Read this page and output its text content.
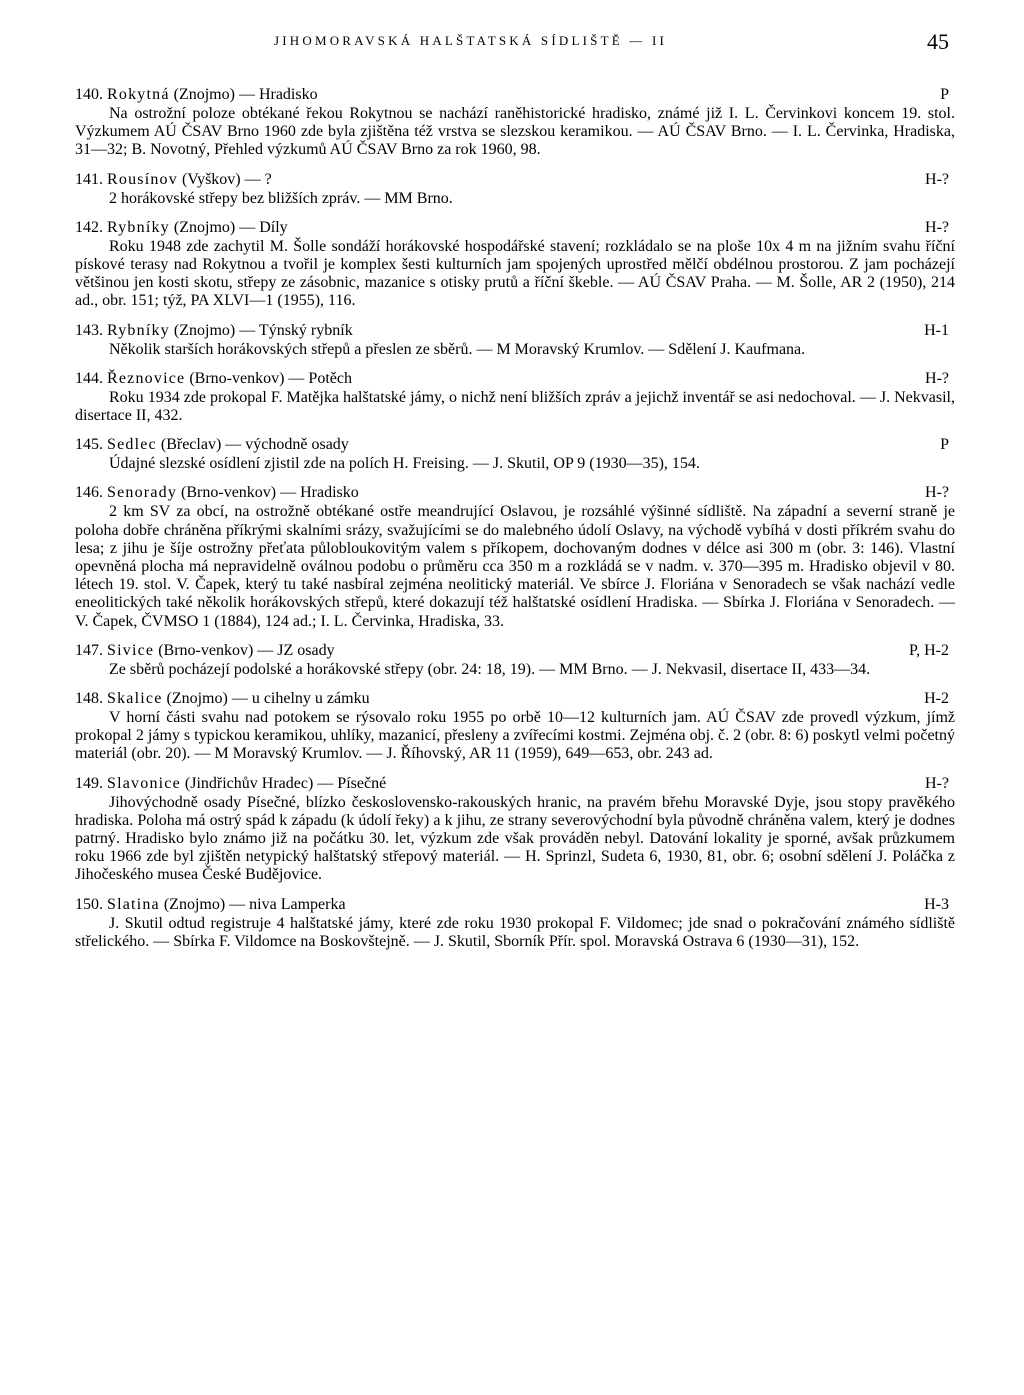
JIHOMORAVSKÁ HALŠTATSKÁ SÍDLIŠTĚ — II	45
140. Rokytná (Znojmo) — Hradisko	P
Na ostrožní poloze obtékané řekou Rokytnou se nachází raněhistorické hradisko, známé již I. L. Červinkovi koncem 19. stol. Výzkumem AÚ ČSAV Brno 1960 zde byla zjištěna též vrstva se slezskou keramikou. — AÚ ČSAV Brno. — I. L. Červinka, Hradiska, 31—32; B. Novotný, Přehled výzkumů AÚ ČSAV Brno za rok 1960, 98.
141. Rousínov (Vyškov) — ?	H-?
2 horákovské střepy bez bližších zpráv. — MM Brno.
142. Rybníky (Znojmo) — Díly	H-?
Roku 1948 zde zachytil M. Šolle sondáží horákovské hospodářské stavení; rozkládalo se na ploše 10x 4 m na jižním svahu říční pískové terasy nad Rokytnou a tvořil je komplex šesti kulturních jam spojených uprostřed mělčí obdélnou prostorou. Z jam pocházejí většinou jen kosti skotu, střepy ze zásobnic, mazanice s otisky prutů a říční škeble. — AÚ ČSAV Praha. — M. Šolle, AR 2 (1950), 214 ad., obr. 151; týž, PA XLVI—1 (1955), 116.
143. Rybníky (Znojmo) — Týnský rybník	H-1
Několik starších horákovských střepů a přeslen ze sběrů. — M Moravský Krumlov. — Sdělení J. Kaufmana.
144. Řeznovice (Brno-venkov) — Potěch	H-?
Roku 1934 zde prokopal F. Matějka halštatské jámy, o nichž není bližších zpráv a jejichž inventář se asi nedochoval. — J. Nekvasil, disertace II, 432.
145. Sedlec (Břeclav) — východně osady	P
Údajné slezské osídlení zjistil zde na polích H. Freising. — J. Skutil, OP 9 (1930—35), 154.
146. Senorady (Brno-venkov) — Hradisko	H-?
2 km SV za obcí, na ostrožně obtékané ostře meandrující Oslavou, je rozsáhlé výšinné sídliště. Na západní a severní straně je poloha dobře chráněna příkrými skalními srázy, svažujícími se do malebného údolí Oslavy, na východě vybíhá v dosti příkrém svahu do lesa; z jihu je šíje ostrožny přeťata půlobloukovitým valem s příkopem, dochovaným dodnes v délce asi 300 m (obr. 3: 146). Vlastní opevněná plocha má nepravidelně oválnou podobu o průměru cca 350 m a rozkládá se v nadm. v. 370—395 m. Hradisko objevil v 80. létech 19. stol. V. Čapek, který tu také nasbíral zejména neolitický materiál. Ve sbírce J. Floriána v Senoradech se však nachází vedle eneolitických také několik horákovských střepů, které dokazují též halštatské osídlení Hradiska. — Sbírka J. Floriána v Senoradech. — V. Čapek, ČVMSO 1 (1884), 124 ad.; I. L. Červinka, Hradiska, 33.
147. Sivice (Brno-venkov) — JZ osady	P, H-2
Ze sběrů pocházejí podolské a horákovské střepy (obr. 24: 18, 19). — MM Brno. — J. Nekvasil, disertace II, 433—34.
148. Skalice (Znojmo) — u cihelny u zámku	H-2
V horní části svahu nad potokem se rýsovalo roku 1955 po orbě 10—12 kulturních jam. AÚ ČSAV zde provedl výzkum, jímž prokopal 2 jámy s typickou keramikou, uhlíky, mazanicí, přesleny a zvířecími kostmi. Zejména obj. č. 2 (obr. 8: 6) poskytl velmi početný materiál (obr. 20). — M Moravský Krumlov. — J. Říhovský, AR 11 (1959), 649—653, obr. 243 ad.
149. Slavonice (Jindřichův Hradec) — Písečné	H-?
Jihovýchodně osady Písečné, blízko československo-rakouských hranic, na pravém břehu Moravské Dyje, jsou stopy pravěkého hradiska. Poloha má ostrý spád k západu (k údolí řeky) a k jihu, ze strany severovýchodní byla původně chráněna valem, který je dodnes patrný. Hradisko bylo známo již na počátku 30. let, výzkum zde však prováděn nebyl. Datování lokality je sporné, avšak průzkumem roku 1966 zde byl zjištěn netypický halštatský střepový materiál. — H. Sprinzl, Sudeta 6, 1930, 81, obr. 6; osobní sdělení J. Poláčka z Jihočeského musea České Budějovice.
150. Slatina (Znojmo) — niva Lamperka	H-3
J. Skutil odtud registruje 4 halštatské jámy, které zde roku 1930 prokopal F. Vildomec; jde snad o pokračování známého sídliště střelického. — Sbírka F. Vildomce na Boskovštejně. — J. Skutil, Sborník Přír. spol. Moravská Ostrava 6 (1930—31), 152.
